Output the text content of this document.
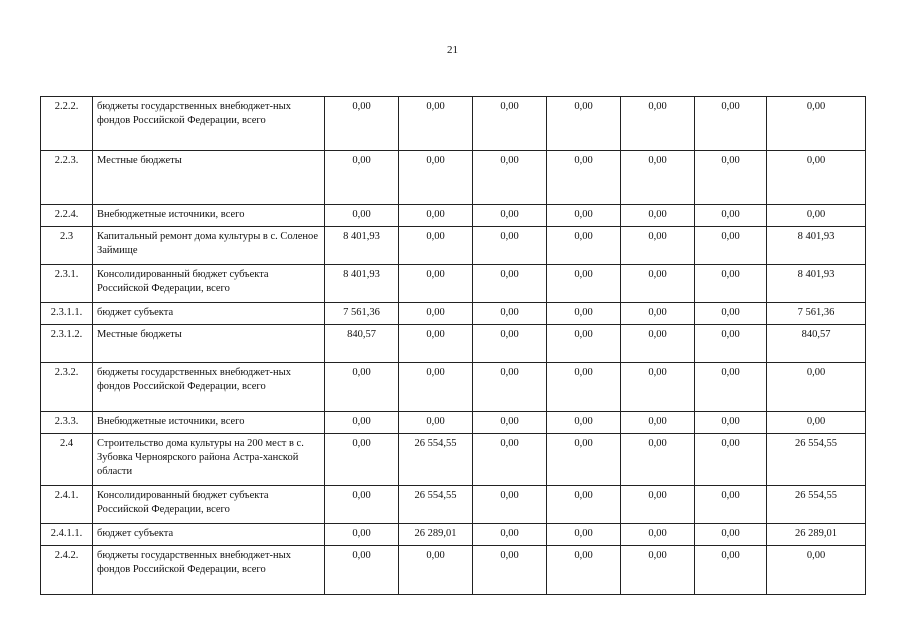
21
2.2.2.	бюджеты государственных внебюджет-ных фондов Российской Федерации, всего	0,00	0,00	0,00	0,00	0,00	0,00	0,00
2.2.3.	Местные бюджеты	0,00	0,00	0,00	0,00	0,00	0,00	0,00
2.2.4.	Внебюджетные источники, всего	0,00	0,00	0,00	0,00	0,00	0,00	0,00
2.3	Капитальный ремонт дома культуры в с. Соленое Займище	8 401,93	0,00	0,00	0,00	0,00	0,00	8 401,93
2.3.1.	Консолидированный бюджет субъекта Российской Федерации, всего	8 401,93	0,00	0,00	0,00	0,00	0,00	8 401,93
2.3.1.1.	бюджет субъекта	7 561,36	0,00	0,00	0,00	0,00	0,00	7 561,36
2.3.1.2.	Местные бюджеты	840,57	0,00	0,00	0,00	0,00	0,00	840,57
2.3.2.	бюджеты государственных внебюджет-ных фондов Российской Федерации, всего	0,00	0,00	0,00	0,00	0,00	0,00	0,00
2.3.3.	Внебюджетные источники, всего	0,00	0,00	0,00	0,00	0,00	0,00	0,00
2.4	Строительство дома культуры на 200 мест в с. Зубовка Черноярского района Астра-ханской области	0,00	26 554,55	0,00	0,00	0,00	0,00	26 554,55
2.4.1.	Консолидированный бюджет субъекта Российской Федерации, всего	0,00	26 554,55	0,00	0,00	0,00	0,00	26 554,55
2.4.1.1.	бюджет субъекта	0,00	26 289,01	0,00	0,00	0,00	0,00	26 289,01
2.4.2.	бюджеты государственных внебюджет-ных фондов Российской Федерации, всего	0,00	0,00	0,00	0,00	0,00	0,00	0,00
